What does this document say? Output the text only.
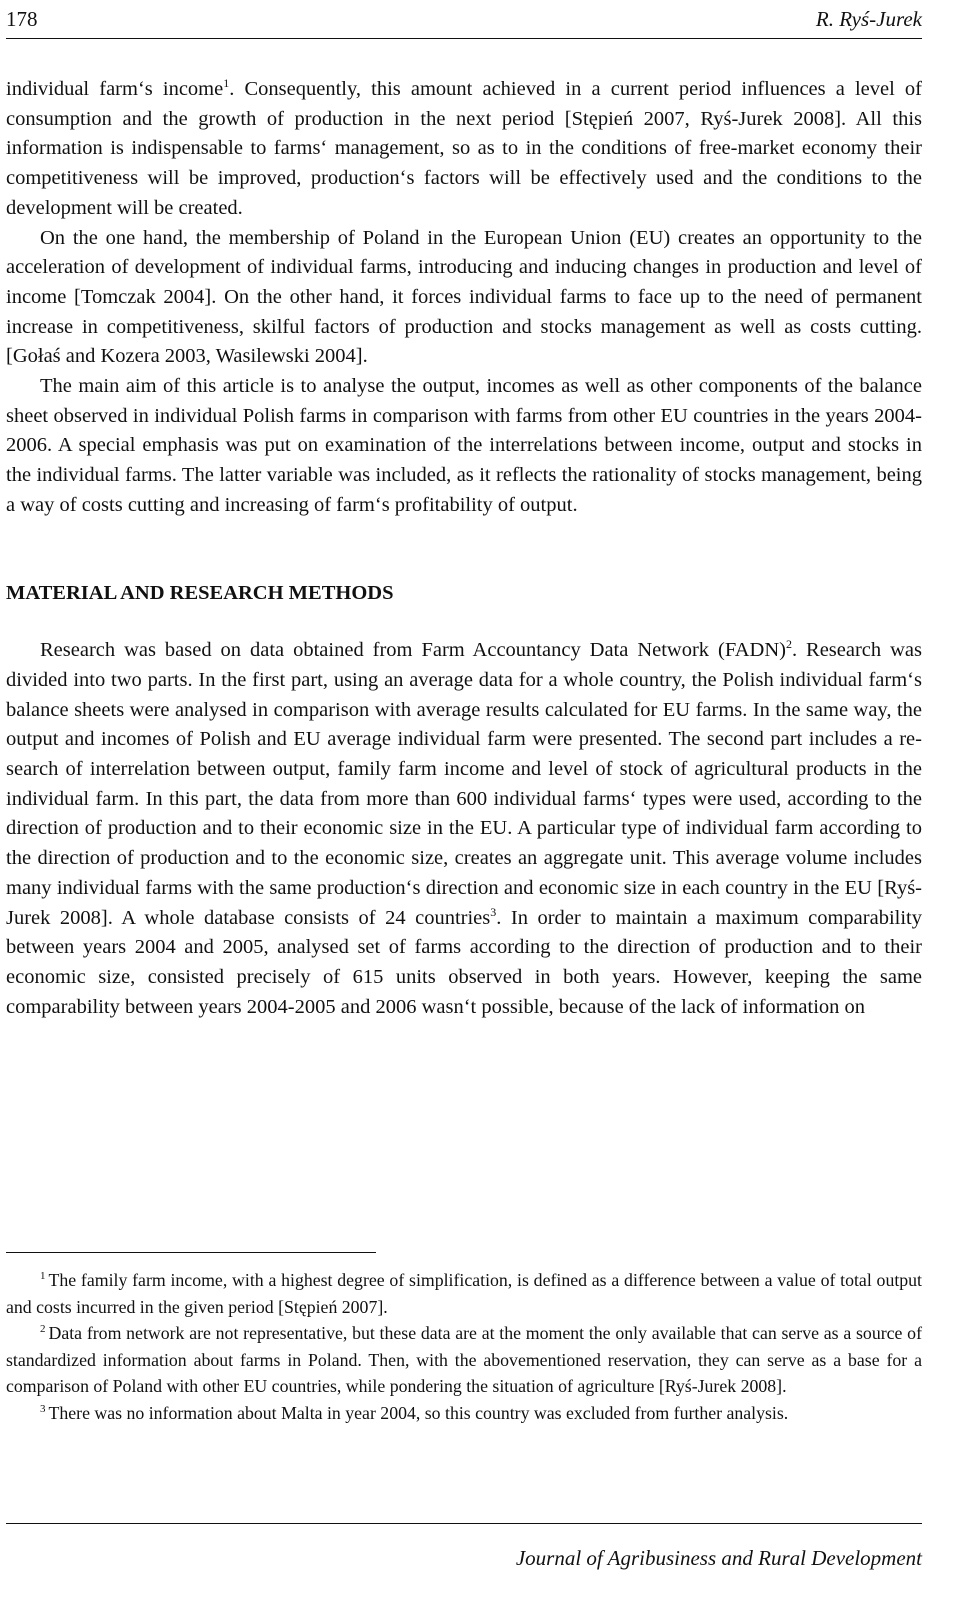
178	R. Ryś-Jurek

individual farm‘s income$^1$. Consequently, this amount achieved in a current period influences a level of consumption and the growth of production in the next period [Stępień 2007, Ryś-Jurek 2008]. All this information is indispensable to farms‘ management, so as to in the conditions of free-market economy their competitiveness will be improved, production‘s factors will be effectively used and the conditions to the development will be created.

On the one hand, the membership of Poland in the European Union (EU) creates an opportunity to the acceleration of development of individual farms, introducing and inducing changes in production and level of income [Tomczak 2004]. On the other hand, it forces individual farms to face up to the need of permanent increase in competitiveness, skilful factors of production and stocks management as well as costs cutting. [Gołaś and Kozera 2003, Wasilewski 2004].

The main aim of this article is to analyse the output, incomes as well as other components of the balance sheet observed in individual Polish farms in comparison with farms from other EU countries in the years 2004-2006. A special emphasis was put on examination of the interrelations between income, output and stocks in the individual farms. The latter variable was included, as it reflects the rationality of stocks management, being a way of costs cutting and increasing of farm‘s profitability of output.

MATERIAL AND RESEARCH METHODS

Research was based on data obtained from Farm Accountancy Data Network (FADN)$^2$. Research was divided into two parts. In the first part, using an average data for a whole country, the Polish individual farm‘s balance sheets were analysed in comparison with average results calculated for EU farms. In the same way, the output and incomes of Polish and EU average individual farm were presented. The second part includes a research of interrelation between output, family farm income and level of stock of agricultural products in the individual farm. In this part, the data from more than 600 individual farms‘ types were used, according to the direction of production and to their economic size in the EU. A particular type of individual farm according to the direction of production and to the economic size, creates an aggregate unit. This average volume includes many individual farms with the same production‘s direction and economic size in each country in the EU [Ryś-Jurek 2008]. A whole database consists of 24 countries$^3$. In order to maintain a maximum comparability between years 2004 and 2005, analysed set of farms according to the direction of production and to their economic size, consisted precisely of 615 units observed in both years. However, keeping the same comparability between years 2004-2005 and 2006 wasn‘t possible, because of the lack of information on

$^1$ The family farm income, with a highest degree of simplification, is defined as a difference between a value of total output and costs incurred in the given period [Stępień 2007].

$^2$ Data from network are not representative, but these data are at the moment the only available that can serve as a source of standardized information about farms in Poland. Then, with the abovementioned reservation, they can serve as a base for a comparison of Poland with other EU countries, while pondering the situation of agriculture [Ryś-Jurek 2008].

$^3$ There was no information about Malta in year 2004, so this country was excluded from further analysis.

Journal of Agribusiness and Rural Development
